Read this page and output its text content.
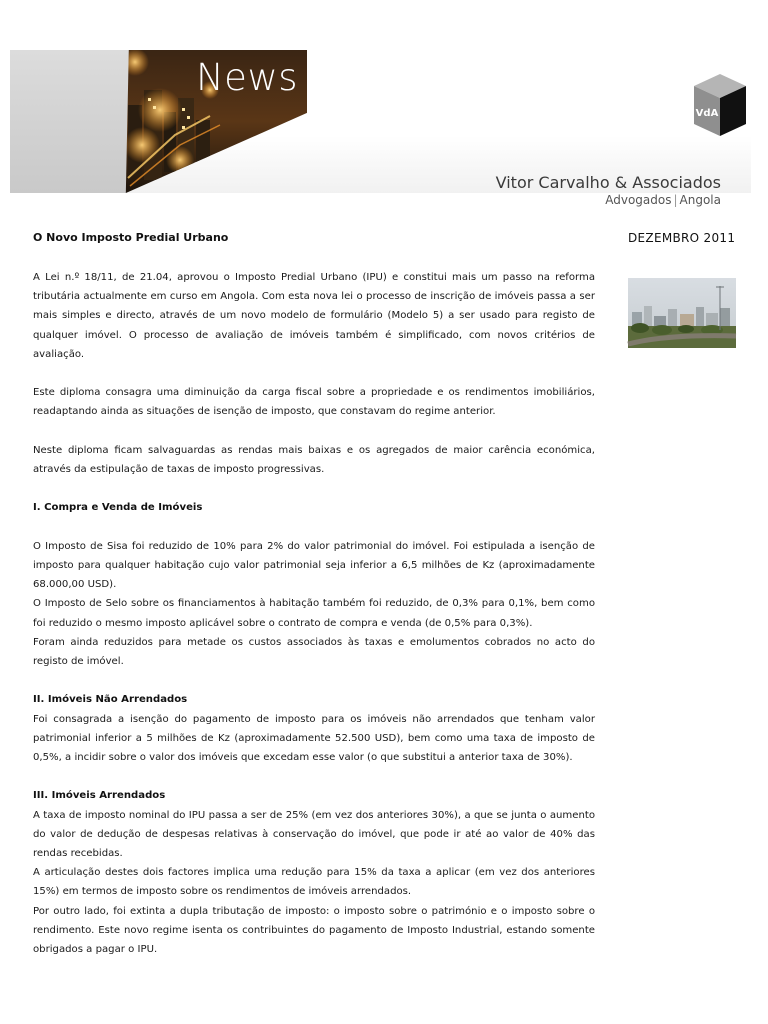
News
VdA

Vitor Carvalho & Associados

Advogados | Angola
O Novo Imposto Predial Urbano	DEZEMBRO 2011

A Lei n.º 18/11, de 21.04, aprovou o Imposto Predial Urbano (IPU) e constitui mais um passo na reforma tributária actualmente em curso em Angola. Com esta nova lei o processo de inscrição de imóveis passa a ser mais simples e directo, através de um novo modelo de formulário (Modelo 5) a ser usado para registo de qualquer imóvel. O processo de avaliação de imóveis também é simplificado, com novos critérios de avaliação.

Este diploma consagra uma diminuição da carga fiscal sobre a propriedade e os rendimentos imobiliários, readaptando ainda as situações de isenção de imposto, que constavam do regime anterior.

Neste diploma ficam salvaguardas as rendas mais baixas e os agregados de maior carência económica, através da estipulação de taxas de imposto progressivas.

I. Compra e Venda de Imóveis

O Imposto de Sisa foi reduzido de 10% para 2% do valor patrimonial do imóvel. Foi estipulada a isenção de imposto para qualquer habitação cujo valor patrimonial seja inferior a 6,5 milhões de Kz (aproximadamente 68.000,00 USD).

O Imposto de Selo sobre os financiamentos à habitação também foi reduzido, de 0,3% para 0,1%, bem como foi reduzido o mesmo imposto aplicável sobre o contrato de compra e venda (de 0,5% para 0,3%).

Foram ainda reduzidos para metade os custos associados às taxas e emolumentos cobrados no acto do registo de imóvel.

II. Imóveis Não Arrendados

Foi consagrada a isenção do pagamento de imposto para os imóveis não arrendados que tenham valor patrimonial inferior a 5 milhões de Kz (aproximadamente 52.500 USD), bem como uma taxa de imposto de 0,5%, a incidir sobre o valor dos imóveis que excedam esse valor (o que substitui a anterior taxa de 30%).

III. Imóveis Arrendados

A taxa de imposto nominal do IPU passa a ser de 25% (em vez dos anteriores 30%), a que se junta o aumento do valor de dedução de despesas relativas à conservação do imóvel, que pode ir até ao valor de 40% das rendas recebidas.

A articulação destes dois factores implica uma redução para 15% da taxa a aplicar (em vez dos anteriores 15%) em termos de imposto sobre os rendimentos de imóveis arrendados.

Por outro lado, foi extinta a dupla tributação de imposto: o imposto sobre o património e o imposto sobre o rendimento. Este novo regime isenta os contribuintes do pagamento de Imposto Industrial, estando somente obrigados a pagar o IPU.
